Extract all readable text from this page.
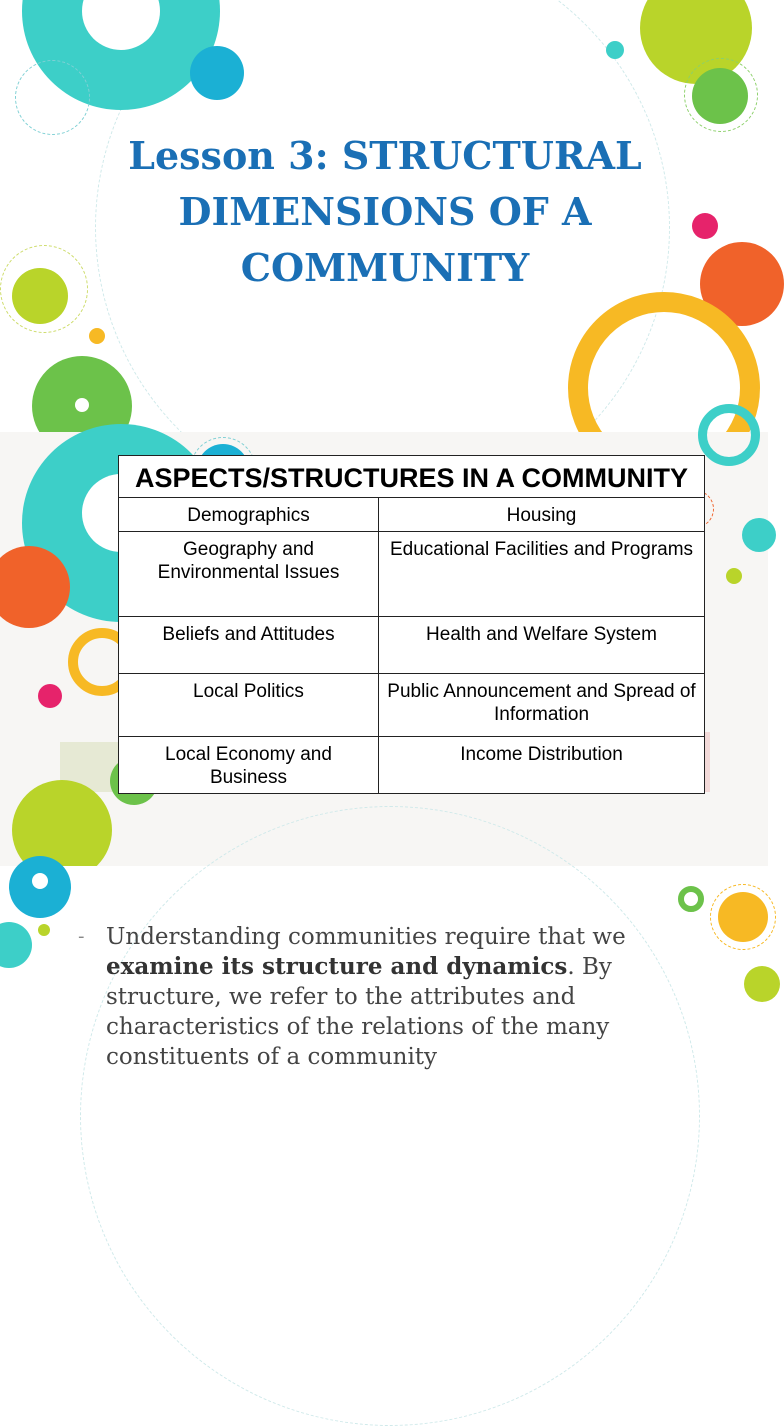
Lesson 3: STRUCTURAL DIMENSIONS OF A COMMUNITY
ASPECTS/STRUCTURES IN A COMMUNITY	
Demographics	Housing
Geography and Environmental Issues	Educational Facilities and Programs
Beliefs and Attitudes	Health and Welfare System
Local Politics	Public Announcement and Spread of Information
Local Economy and Business	Income Distribution
- Understanding communities require that we examine its structure and dynamics. By structure, we refer to the attributes and characteristics of the relations of the many constituents of a community
